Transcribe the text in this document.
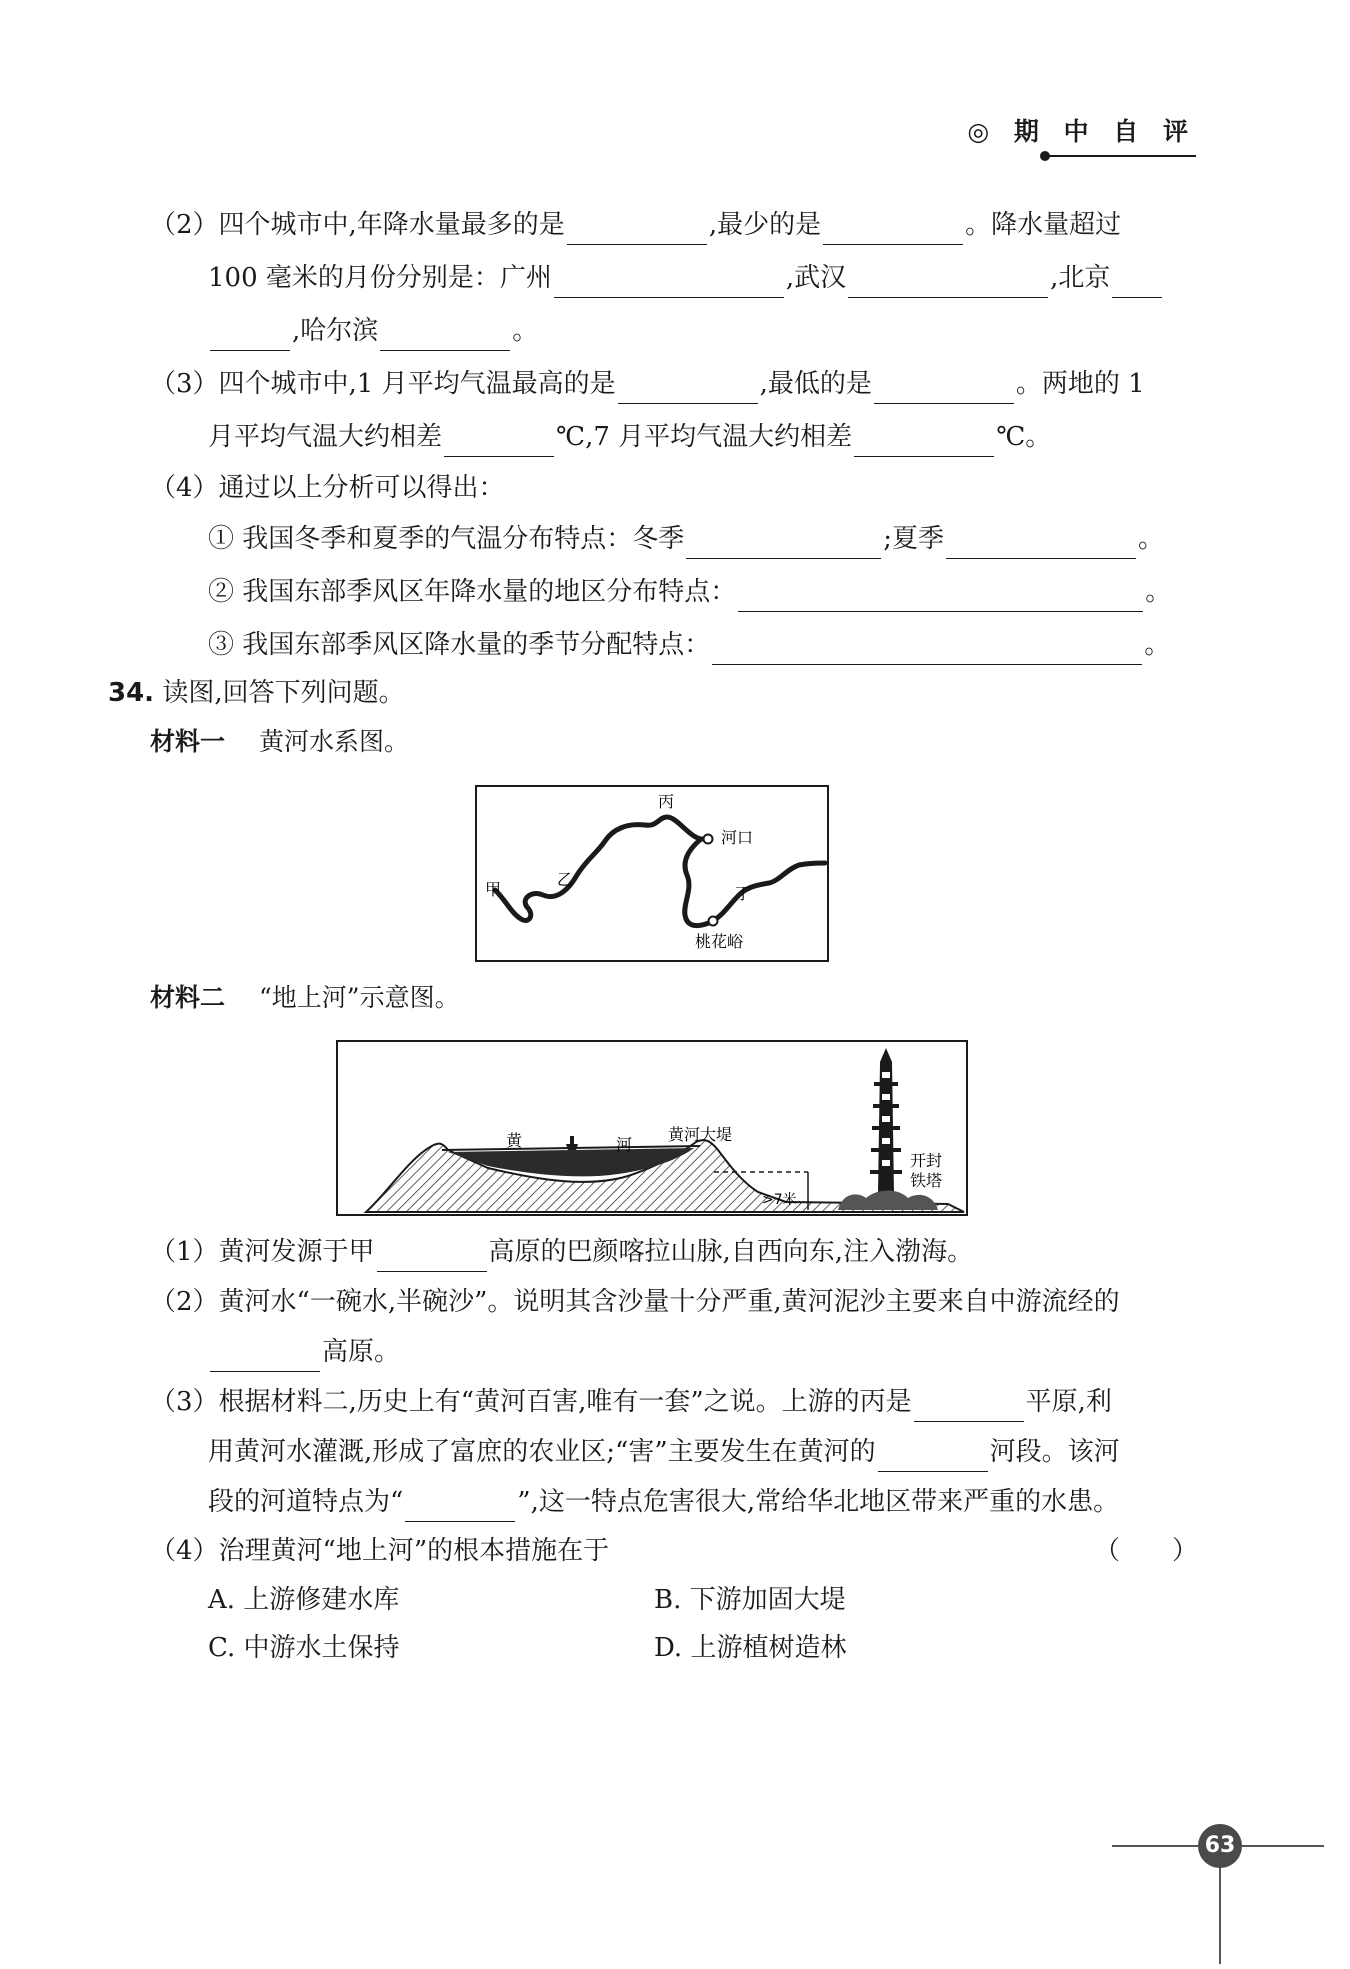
◎ 期 中 自 评
（2）四个城市中,年降水量最多的是	,最少的是	。降水量超过
100 毫米的月份分别是：广州	,武汉	,北京
,哈尔滨	。
（3）四个城市中,1 月平均气温最高的是	,最低的是	。两地的 1
月平均气温大约相差	℃,7 月平均气温大约相差	℃。
（4）通过以上分析可以得出：
① 我国冬季和夏季的气温分布特点：冬季	;夏季	。
② 我国东部季风区年降水量的地区分布特点：	。
③ 我国东部季风区降水量的季节分配特点：	。
34. 读图,回答下列问题。
材料一 黄河水系图。
丙
河口
甲
乙
丁
桃花峪
材料二 “地上河”示意图。
黄	河
黄河大堤
>7米
开封
铁塔
（1）黄河发源于甲	高原的巴颜喀拉山脉,自西向东,注入渤海。
（2）黄河水“一碗水,半碗沙”。说明其含沙量十分严重,黄河泥沙主要来自中游流经的
高原。
（3）根据材料二,历史上有“黄河百害,唯有一套”之说。上游的丙是	平原,利
用黄河水灌溉,形成了富庶的农业区;“害”主要发生在黄河的	河段。该河
段的河道特点为“	”,这一特点危害很大,常给华北地区带来严重的水患。
（4）治理黄河“地上河”的根本措施在于	（　　）
A. 上游修建水库	B. 下游加固大堤
C. 中游水土保持	D. 上游植树造林
63
